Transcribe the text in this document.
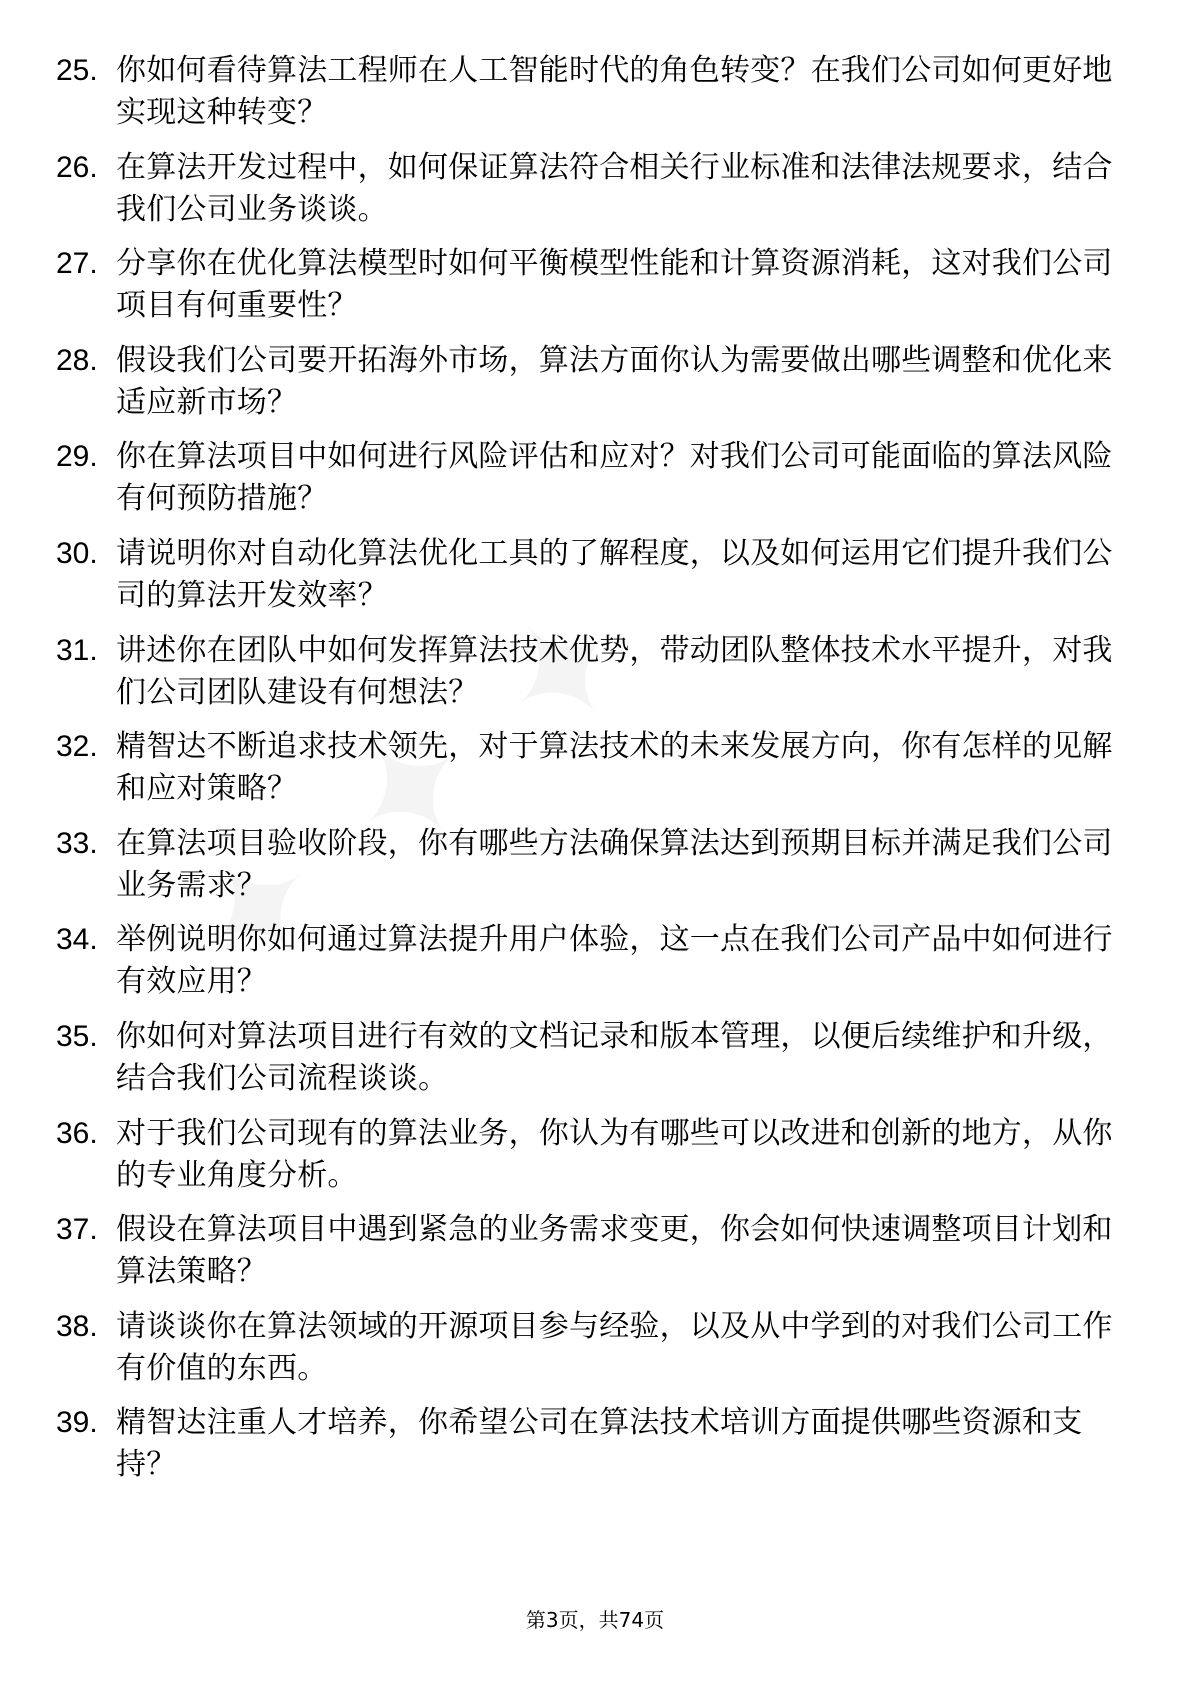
25. 你如何看待算法工程师在人工智能时代的角色转变？在我们公司如何更好地实现这种转变？
26. 在算法开发过程中，如何保证算法符合相关行业标准和法律法规要求，结合我们公司业务谈谈。
27. 分享你在优化算法模型时如何平衡模型性能和计算资源消耗，这对我们公司项目有何重要性？
28. 假设我们公司要开拓海外市场，算法方面你认为需要做出哪些调整和优化来适应新市场？
29. 你在算法项目中如何进行风险评估和应对？对我们公司可能面临的算法风险有何预防措施？
30. 请说明你对自动化算法优化工具的了解程度，以及如何运用它们提升我们公司的算法开发效率？
31. 讲述你在团队中如何发挥算法技术优势，带动团队整体技术水平提升，对我们公司团队建设有何想法？
32. 精智达不断追求技术领先，对于算法技术的未来发展方向，你有怎样的见解和应对策略？
33. 在算法项目验收阶段，你有哪些方法确保算法达到预期目标并满足我们公司业务需求？
34. 举例说明你如何通过算法提升用户体验，这一点在我们公司产品中如何进行有效应用？
35. 你如何对算法项目进行有效的文档记录和版本管理，以便后续维护和升级，结合我们公司流程谈谈。
36. 对于我们公司现有的算法业务，你认为有哪些可以改进和创新的地方，从你的专业角度分析。
37. 假设在算法项目中遇到紧急的业务需求变更，你会如何快速调整项目计划和算法策略？
38. 请谈谈你在算法领域的开源项目参与经验，以及从中学到的对我们公司工作有价值的东西。
39. 精智达注重人才培养，你希望公司在算法技术培训方面提供哪些资源和支持？
第3页，共74页
